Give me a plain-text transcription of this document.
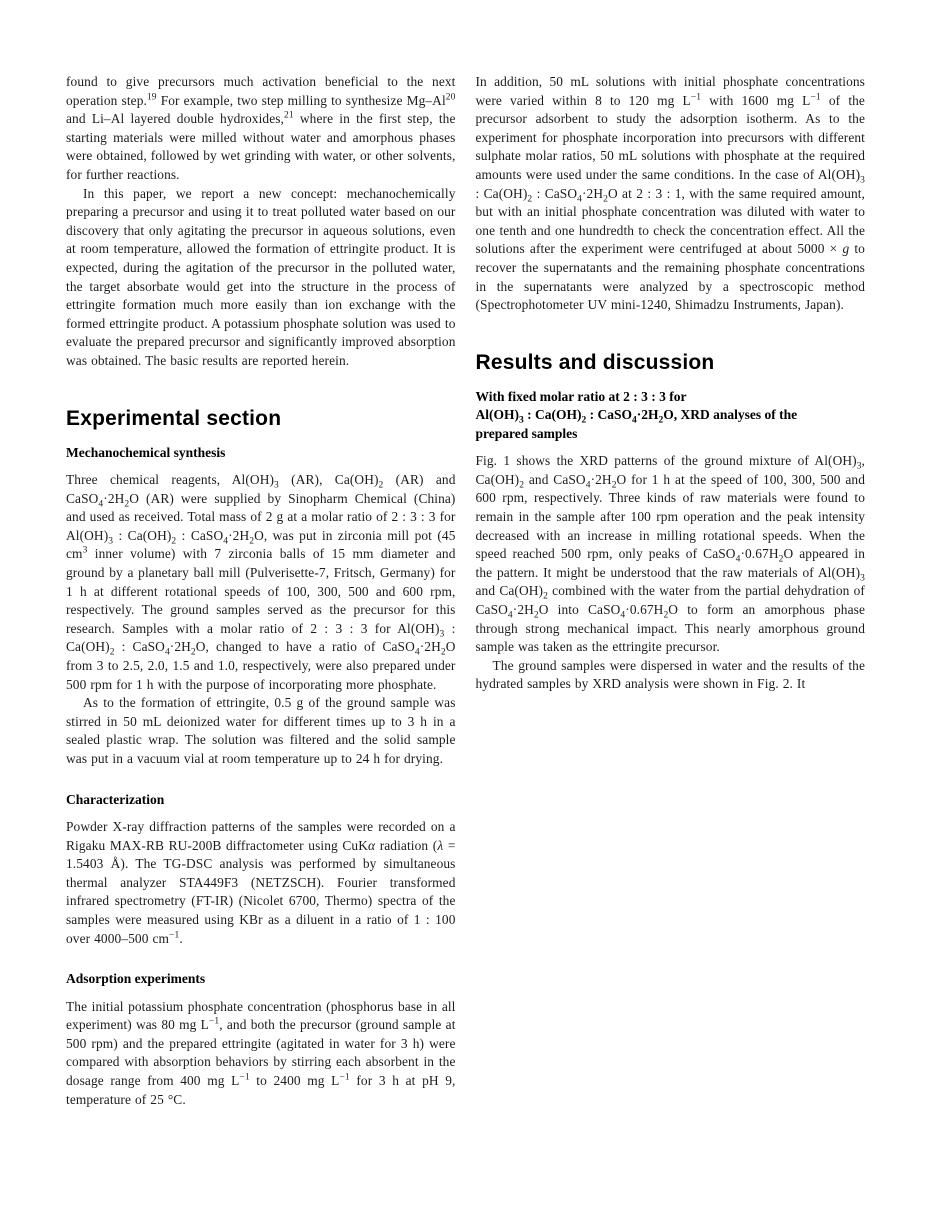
found to give precursors much activation beneficial to the next operation step.$^{19}$ For example, two step milling to synthesize Mg–Al$^{20}$ and Li–Al layered double hydroxides,$^{21}$ where in the first step, the starting materials were milled without water and amorphous phases were obtained, followed by wet grinding with water, or other solvents, for further reactions.

In this paper, we report a new concept: mechanochemically preparing a precursor and using it to treat polluted water based on our discovery that only agitating the precursor in aqueous solutions, even at room temperature, allowed the formation of ettringite product. It is expected, during the agitation of the precursor in the polluted water, the target absorbate would get into the structure in the process of ettringite formation much more easily than ion exchange with the formed ettringite product. A potassium phosphate solution was used to evaluate the prepared precursor and significantly improved absorption was obtained. The basic results are reported herein.

Experimental section
Mechanochemical synthesis

Three chemical reagents, $Al(OH)_3$ (AR), $Ca(OH)_2$ (AR) and $CaSO_4\cdot 2H_2O$ (AR) were supplied by Sinopharm Chemical (China) and used as received. Total mass of 2 g at a molar ratio of 2 : 3 : 3 for $Al(OH)_3$ : $Ca(OH)_2$ : $CaSO_4\cdot 2H_2O$, was put in zirconia mill pot (45 $cm^3$ inner volume) with 7 zirconia balls of 15 mm diameter and ground by a planetary ball mill (Pulverisette-7, Fritsch, Germany) for 1 h at different rotational speeds of 100, 300, 500 and 600 rpm, respectively. The ground samples served as the precursor for this research. Samples with a molar ratio of 2 : 3 : 3 for $Al(OH)_3$ : $Ca(OH)_2$ : $CaSO_4\cdot 2H_2O$, changed to have a ratio of $CaSO_4\cdot 2H_2O$ from 3 to 2.5, 2.0, 1.5 and 1.0, respectively, were also prepared under 500 rpm for 1 h with the purpose of incorporating more phosphate.

As to the formation of ettringite, 0.5 g of the ground sample was stirred in 50 mL deionized water for different times up to 3 h in a sealed plastic wrap. The solution was filtered and the solid sample was put in a vacuum vial at room temperature up to 24 h for drying.

Characterization

Powder X-ray diffraction patterns of the samples were recorded on a Rigaku MAX-RB RU-200B diffractometer using CuKα radiation (λ = 1.5403 Å). The TG-DSC analysis was performed by simultaneous thermal analyzer STA449F3 (NETZSCH). Fourier transformed infrared spectrometry (FT-IR) (Nicolet 6700, Thermo) spectra of the samples were measured using KBr as a diluent in a ratio of 1 : 100 over 4000–500 $cm^{-1}$.

Adsorption experiments

The initial potassium phosphate concentration (phosphorus base in all experiment) was 80 mg $L^{-1}$, and both the precursor (ground sample at 500 rpm) and the prepared ettringite (agitated in water for 3 h) were compared with absorption behaviors by stirring each absorbent in the dosage range from 400 mg $L^{-1}$ to 2400 mg $L^{-1}$ for 3 h at pH 9, temperature of 25 °C.

In addition, 50 mL solutions with initial phosphate concentrations were varied within 8 to 120 mg $L^{-1}$ with 1600 mg $L^{-1}$ of the precursor adsorbent to study the adsorption isotherm. As to the experiment for phosphate incorporation into precursors with different sulphate molar ratios, 50 mL solutions with phosphate at the required amounts were used under the same conditions. In the case of $Al(OH)_3$ : $Ca(OH)_2$ : $CaSO_4\cdot 2H_2O$ at 2 : 3 : 1, with the same required amount, but with an initial phosphate concentration was diluted with water to one tenth and one hundredth to check the concentration effect. All the solutions after the experiment were centrifuged at about 5000 × g to recover the supernatants and the remaining phosphate concentrations in the supernatants were analyzed by a spectroscopic method (Spectrophotometer UV mini-1240, Shimadzu Instruments, Japan).

Results and discussion
With fixed molar ratio at 2 : 3 : 3 for
$Al(OH)_3$ : $Ca(OH)_2$ : $CaSO_4\cdot 2H_2O$, XRD analyses of the
prepared samples

Fig. 1 shows the XRD patterns of the ground mixture of $Al(OH)_3$, $Ca(OH)_2$ and $CaSO_4\cdot 2H_2O$ for 1 h at the speed of 100, 300, 500 and 600 rpm, respectively. Three kinds of raw materials were found to remain in the sample after 100 rpm operation and the peak intensity decreased with an increase in milling rotational speeds. When the speed reached 500 rpm, only peaks of $CaSO_4\cdot 0.67H_2O$ appeared in the pattern. It might be understood that the raw materials of $Al(OH)_3$ and $Ca(OH)_2$ combined with the water from the partial dehydration of $CaSO_4\cdot 2H_2O$ into $CaSO_4\cdot 0.67H_2O$ to form an amorphous phase through strong mechanical impact. This nearly amorphous ground sample was taken as the ettringite precursor.

The ground samples were dispersed in water and the results of the hydrated samples by XRD analysis were shown in Fig. 2. It
